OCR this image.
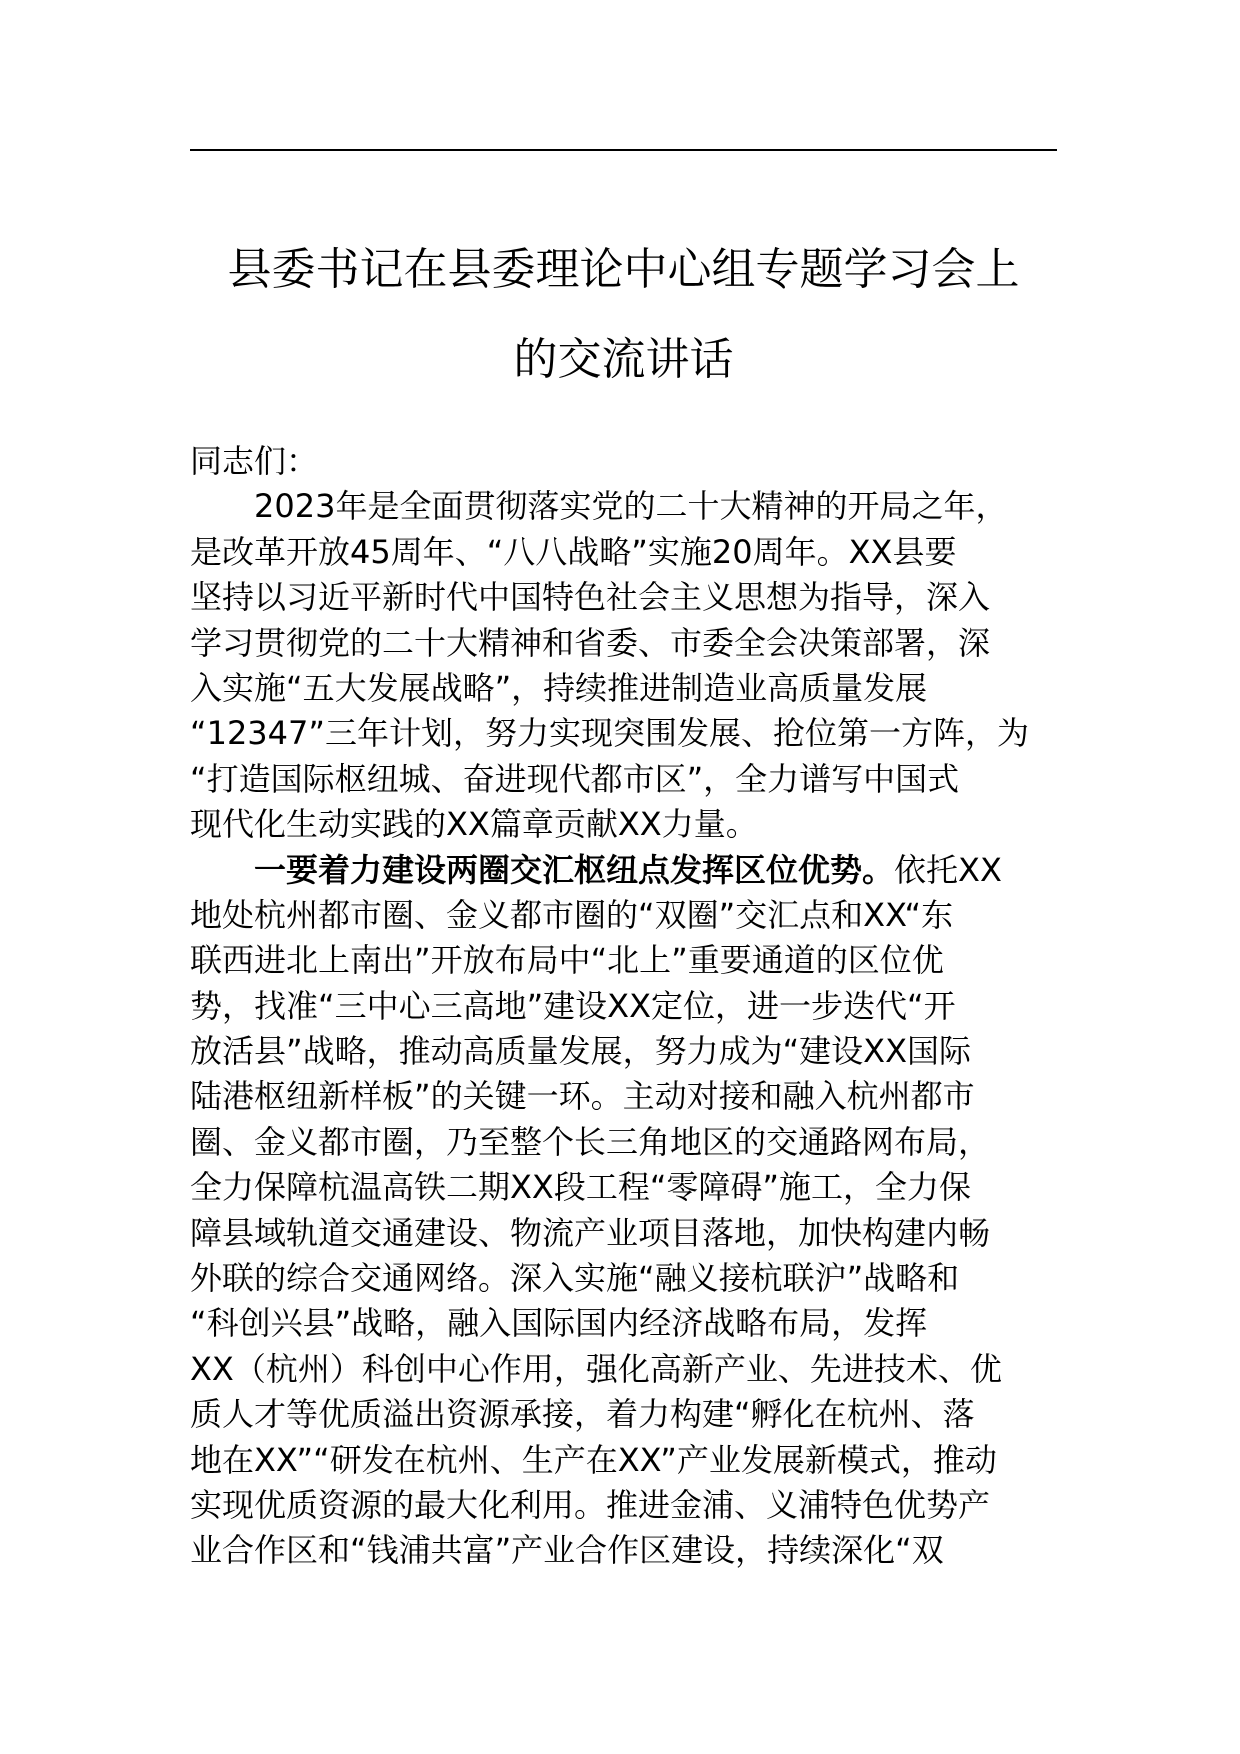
县委书记在县委理论中心组专题学习会上
的交流讲话
同志们：
2023年是全面贯彻落实党的二十大精神的开局之年，
是改革开放45周年、“八八战略”实施20周年。XX县要
坚持以习近平新时代中国特色社会主义思想为指导，深入
学习贯彻党的二十大精神和省委、市委全会决策部署，深
入实施“五大发展战略”，持续推进制造业高质量发展
“12347”三年计划，努力实现突围发展、抢位第一方阵，为
“打造国际枢纽城、奋进现代都市区”，全力谱写中国式
现代化生动实践的XX篇章贡献XX力量。
一要着力建设两圈交汇枢纽点发挥区位优势。依托XX
地处杭州都市圈、金义都市圈的“双圈”交汇点和XX“东
联西进北上南出”开放布局中“北上”重要通道的区位优
势，找准“三中心三高地”建设XX定位，进一步迭代“开
放活县”战略，推动高质量发展，努力成为“建设XX国际
陆港枢纽新样板”的关键一环。主动对接和融入杭州都市
圈、金义都市圈，乃至整个长三角地区的交通路网布局，
全力保障杭温高铁二期XX段工程“零障碍”施工，全力保
障县域轨道交通建设、物流产业项目落地，加快构建内畅
外联的综合交通网络。深入实施“融义接杭联沪”战略和
“科创兴县”战略，融入国际国内经济战略布局，发挥
XX（杭州）科创中心作用，强化高新产业、先进技术、优
质人才等优质溢出资源承接，着力构建“孵化在杭州、落
地在XX”“研发在杭州、生产在XX”产业发展新模式，推动
实现优质资源的最大化利用。推进金浦、义浦特色优势产
业合作区和“钱浦共富”产业合作区建设，持续深化“双
